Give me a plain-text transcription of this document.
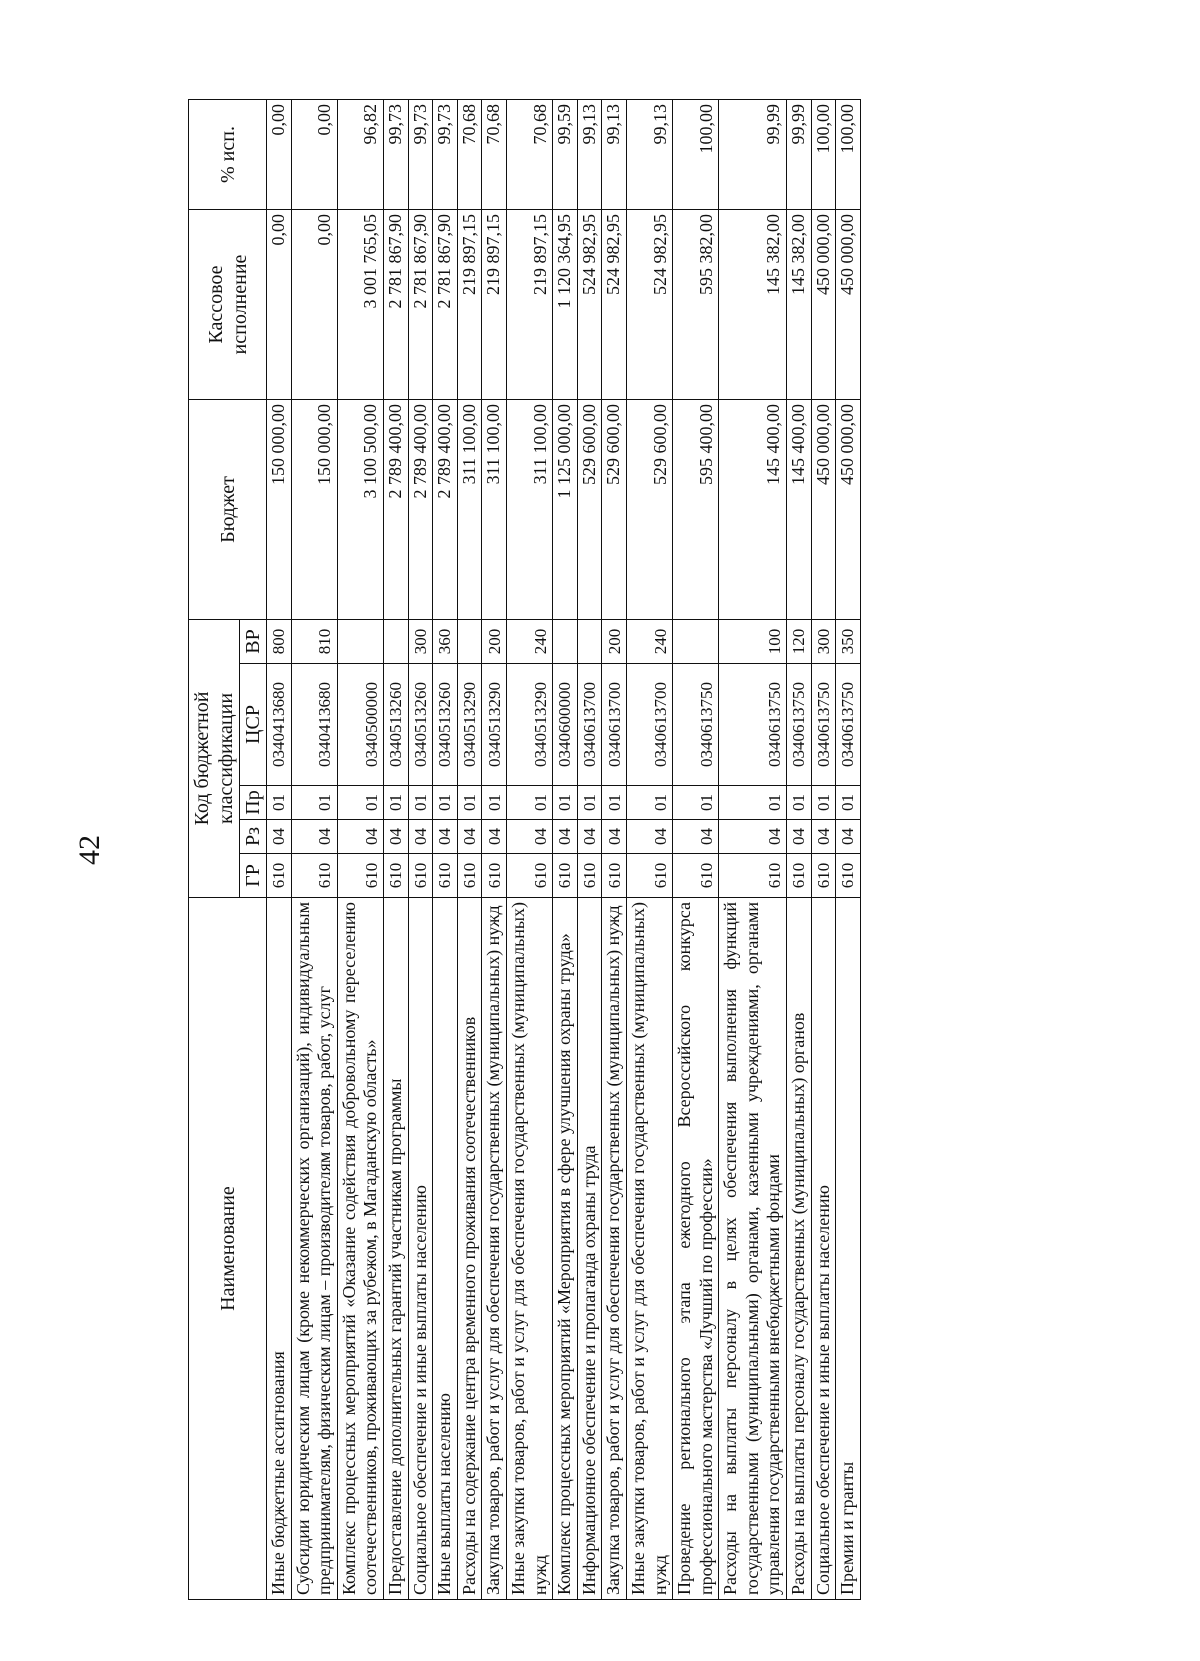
42
Наименование	Код бюджетной классификации					Бюджет	Кассовое исполнение	% исп.
	ГР	Рз	Пр	ЦСР	ВР			
Иные бюджетные ассигнования	610	04	01	0340413680	800	150 000,00	0,00	0,00
Субсидии юридическим лицам (кроме некоммерческих организаций), индивидуальным предпринимателям, физическим лицам – производителям товаров, работ, услуг	610	04	01	0340413680	810	150 000,00	0,00	0,00
Комплекс процессных мероприятий «Оказание содействия добровольному переселению соотечественников, проживающих за рубежом, в Магаданскую область»	610	04	01	0340500000		3 100 500,00	3 001 765,05	96,82
Предоставление дополнительных гарантий участникам программы	610	04	01	0340513260		2 789 400,00	2 781 867,90	99,73
Социальное обеспечение и иные выплаты населению	610	04	01	0340513260	300	2 789 400,00	2 781 867,90	99,73
Иные выплаты населению	610	04	01	0340513260	360	2 789 400,00	2 781 867,90	99,73
Расходы на содержание центра временного проживания соотечественников	610	04	01	0340513290		311 100,00	219 897,15	70,68
Закупка товаров, работ и услуг для обеспечения государственных (муниципальных) нужд	610	04	01	0340513290	200	311 100,00	219 897,15	70,68
Иные закупки товаров, работ и услуг для обеспечения государственных (муниципальных) нужд	610	04	01	0340513290	240	311 100,00	219 897,15	70,68
Комплекс процессных мероприятий «Мероприятия в сфере улучшения охраны труда»	610	04	01	0340600000		1 125 000,00	1 120 364,95	99,59
Информационное обеспечение и пропаганда охраны труда	610	04	01	0340613700		529 600,00	524 982,95	99,13
Закупка товаров, работ и услуг для обеспечения государственных (муниципальных) нужд	610	04	01	0340613700	200	529 600,00	524 982,95	99,13
Иные закупки товаров, работ и услуг для обеспечения государственных (муниципальных) нужд	610	04	01	0340613700	240	529 600,00	524 982,95	99,13
Проведение регионального этапа ежегодного Всероссийского конкурса профессионального мастерства «Лучший по профессии»	610	04	01	0340613750		595 400,00	595 382,00	100,00
Расходы на выплаты персоналу в целях обеспечения выполнения функций государственными (муниципальными) органами, казенными учреждениями, органами управления государственными внебюджетными фондами	610	04	01	0340613750	100	145 400,00	145 382,00	99,99
Расходы на выплаты персоналу государственных (муниципальных) органов	610	04	01	0340613750	120	145 400,00	145 382,00	99,99
Социальное обеспечение и иные выплаты населению	610	04	01	0340613750	300	450 000,00	450 000,00	100,00
Премии и гранты	610	04	01	0340613750	350	450 000,00	450 000,00	100,00
